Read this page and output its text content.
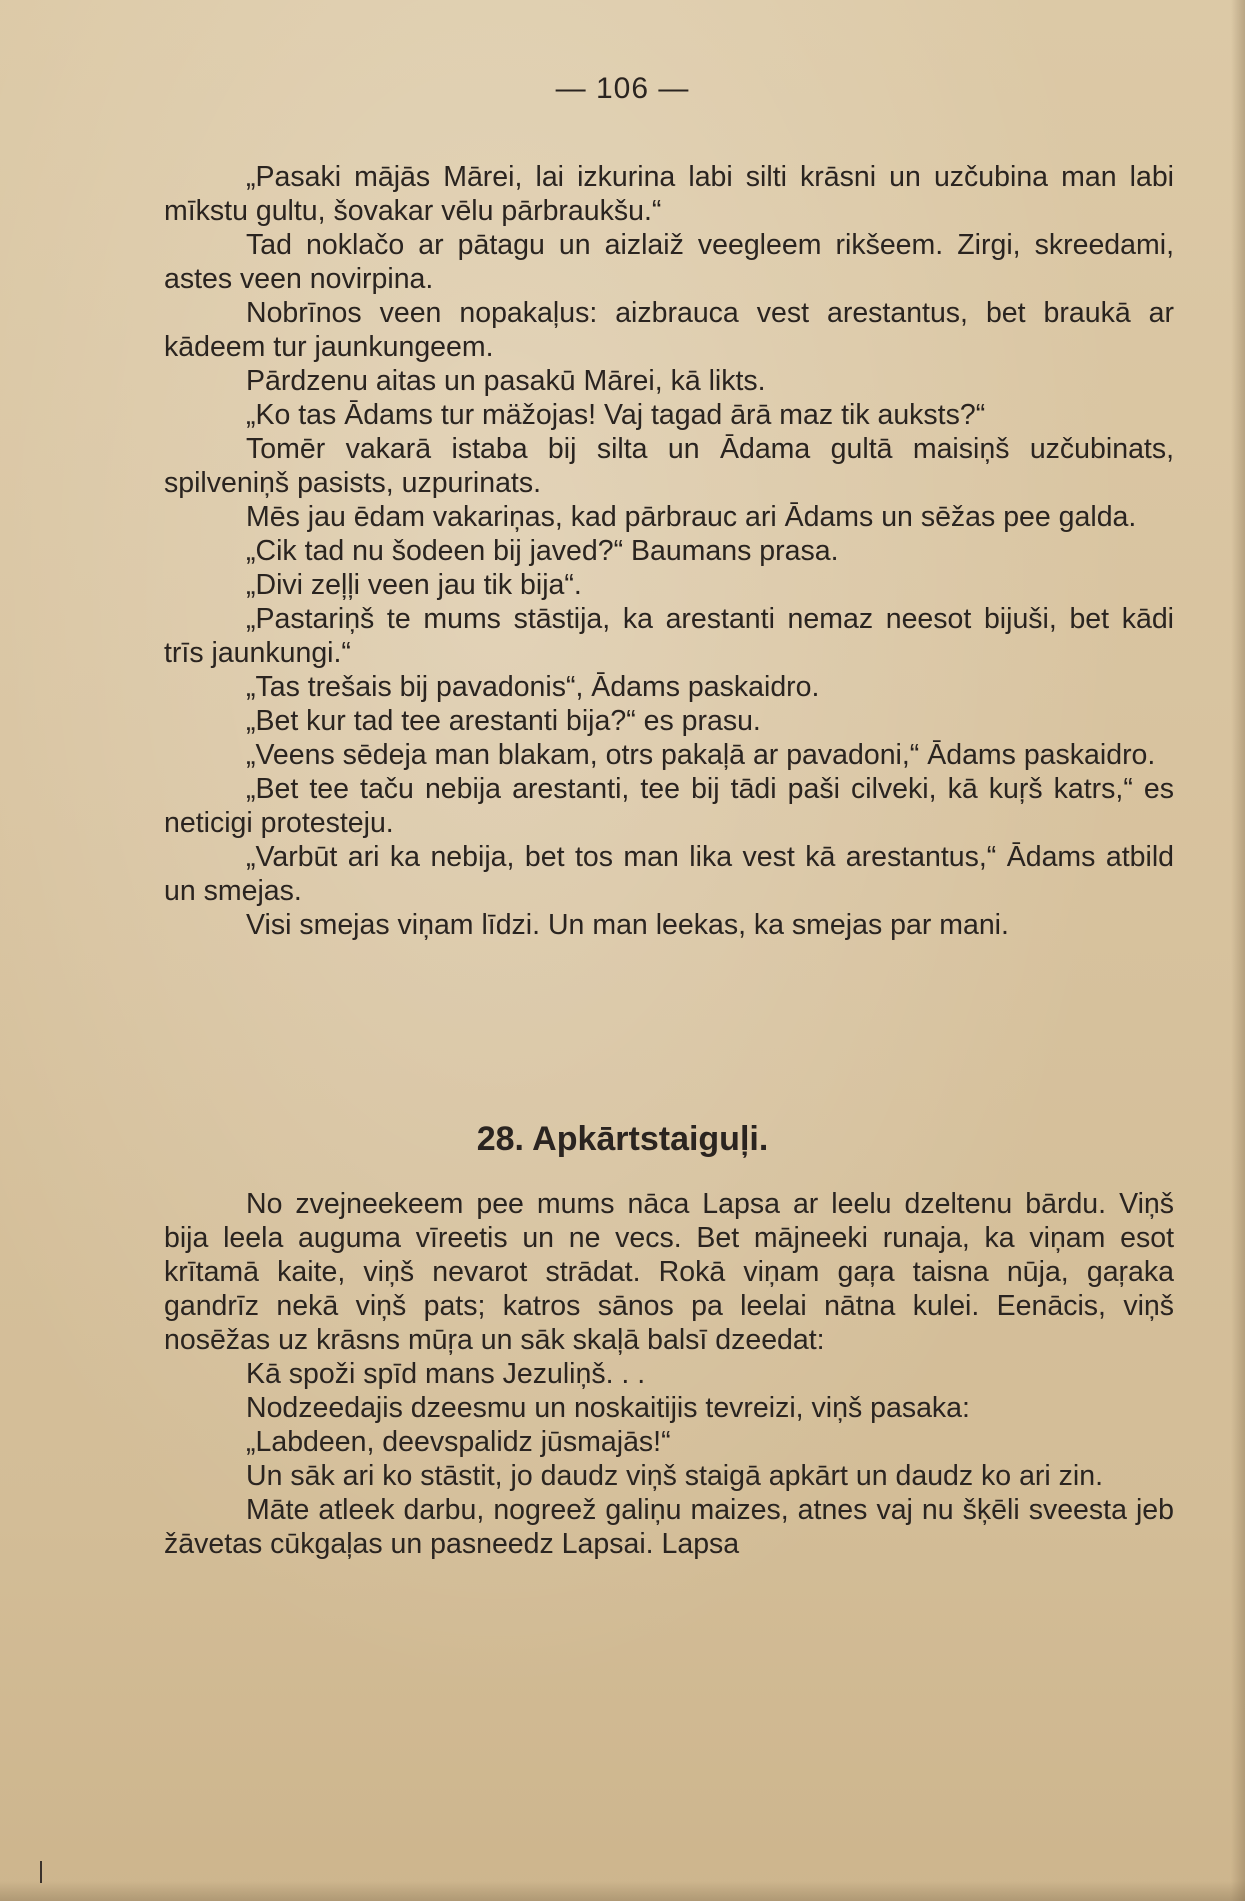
— 106 —

„Pasaki mājās Mārei, lai izkurina labi silti krāsni un uzčubina man labi mīkstu gultu, šovakar vēlu pārbraukšu.“

Tad noklačo ar pātagu un aizlaiž veegleem rikšeem. Zirgi, skreedami, astes veen novirpina.

Nobrīnos veen nopakaļus: aizbrauca vest arestantus, bet braukā ar kādeem tur jaunkungeem.

Pārdzenu aitas un pasakū Mārei, kā likts.

„Ko tas Ādams tur mäžojas! Vaj tagad ārā maz tik auksts?“

Tomēr vakarā istaba bij silta un Ādama gultā maisiņš uzčubinats, spilveniņš pasists, uzpurinats.

Mēs jau ēdam vakariņas, kad pārbrauc ari Ādams un sēžas pee galda.

„Cik tad nu šodeen bij javed?“ Baumans prasa.

„Divi zeļļi veen jau tik bija“.

„Pastariņš te mums stāstija, ka arestanti nemaz neesot bijuši, bet kādi trīs jaunkungi.“

„Tas trešais bij pavadonis“, Ādams paskaidro.

„Bet kur tad tee arestanti bija?“ es prasu.

„Veens sēdeja man blakam, otrs pakaļā ar pavadoni,“ Ādams paskaidro.

„Bet tee taču nebija arestanti, tee bij tādi paši cilveki, kā kuŗš katrs,“ es neticigi protesteju.

„Varbūt ari ka nebija, bet tos man lika vest kā arestantus,“ Ādams atbild un smejas.

Visi smejas viņam līdzi. Un man leekas, ka smejas par mani.

28. Apkārtstaiguļi.

No zvejneekeem pee mums nāca Lapsa ar leelu dzeltenu bārdu. Viņš bija leela auguma vīreetis un ne vecs. Bet mājneeki runaja, ka viņam esot krītamā kaite, viņš nevarot strādat. Rokā viņam gaŗa taisna nūja, gaŗaka gandrīz nekā viņš pats; katros sānos pa leelai nātna kulei. Eenācis, viņš nosēžas uz krāsns mūŗa un sāk skaļā balsī dzeedat:

Kā spoži spīd mans Jezuliņš. . .

Nodzeedajis dzeesmu un noskaitijis tevreizi, viņš pasaka:

„Labdeen, deevspalidz jūsmajās!“

Un sāk ari ko stāstit, jo daudz viņš staigā apkārt un daudz ko ari zin.

Māte atleek darbu, nogreež galiņu maizes, atnes vaj nu šķēli sveesta jeb žāvetas cūkgaļas un pasneedz Lapsai. Lapsa
